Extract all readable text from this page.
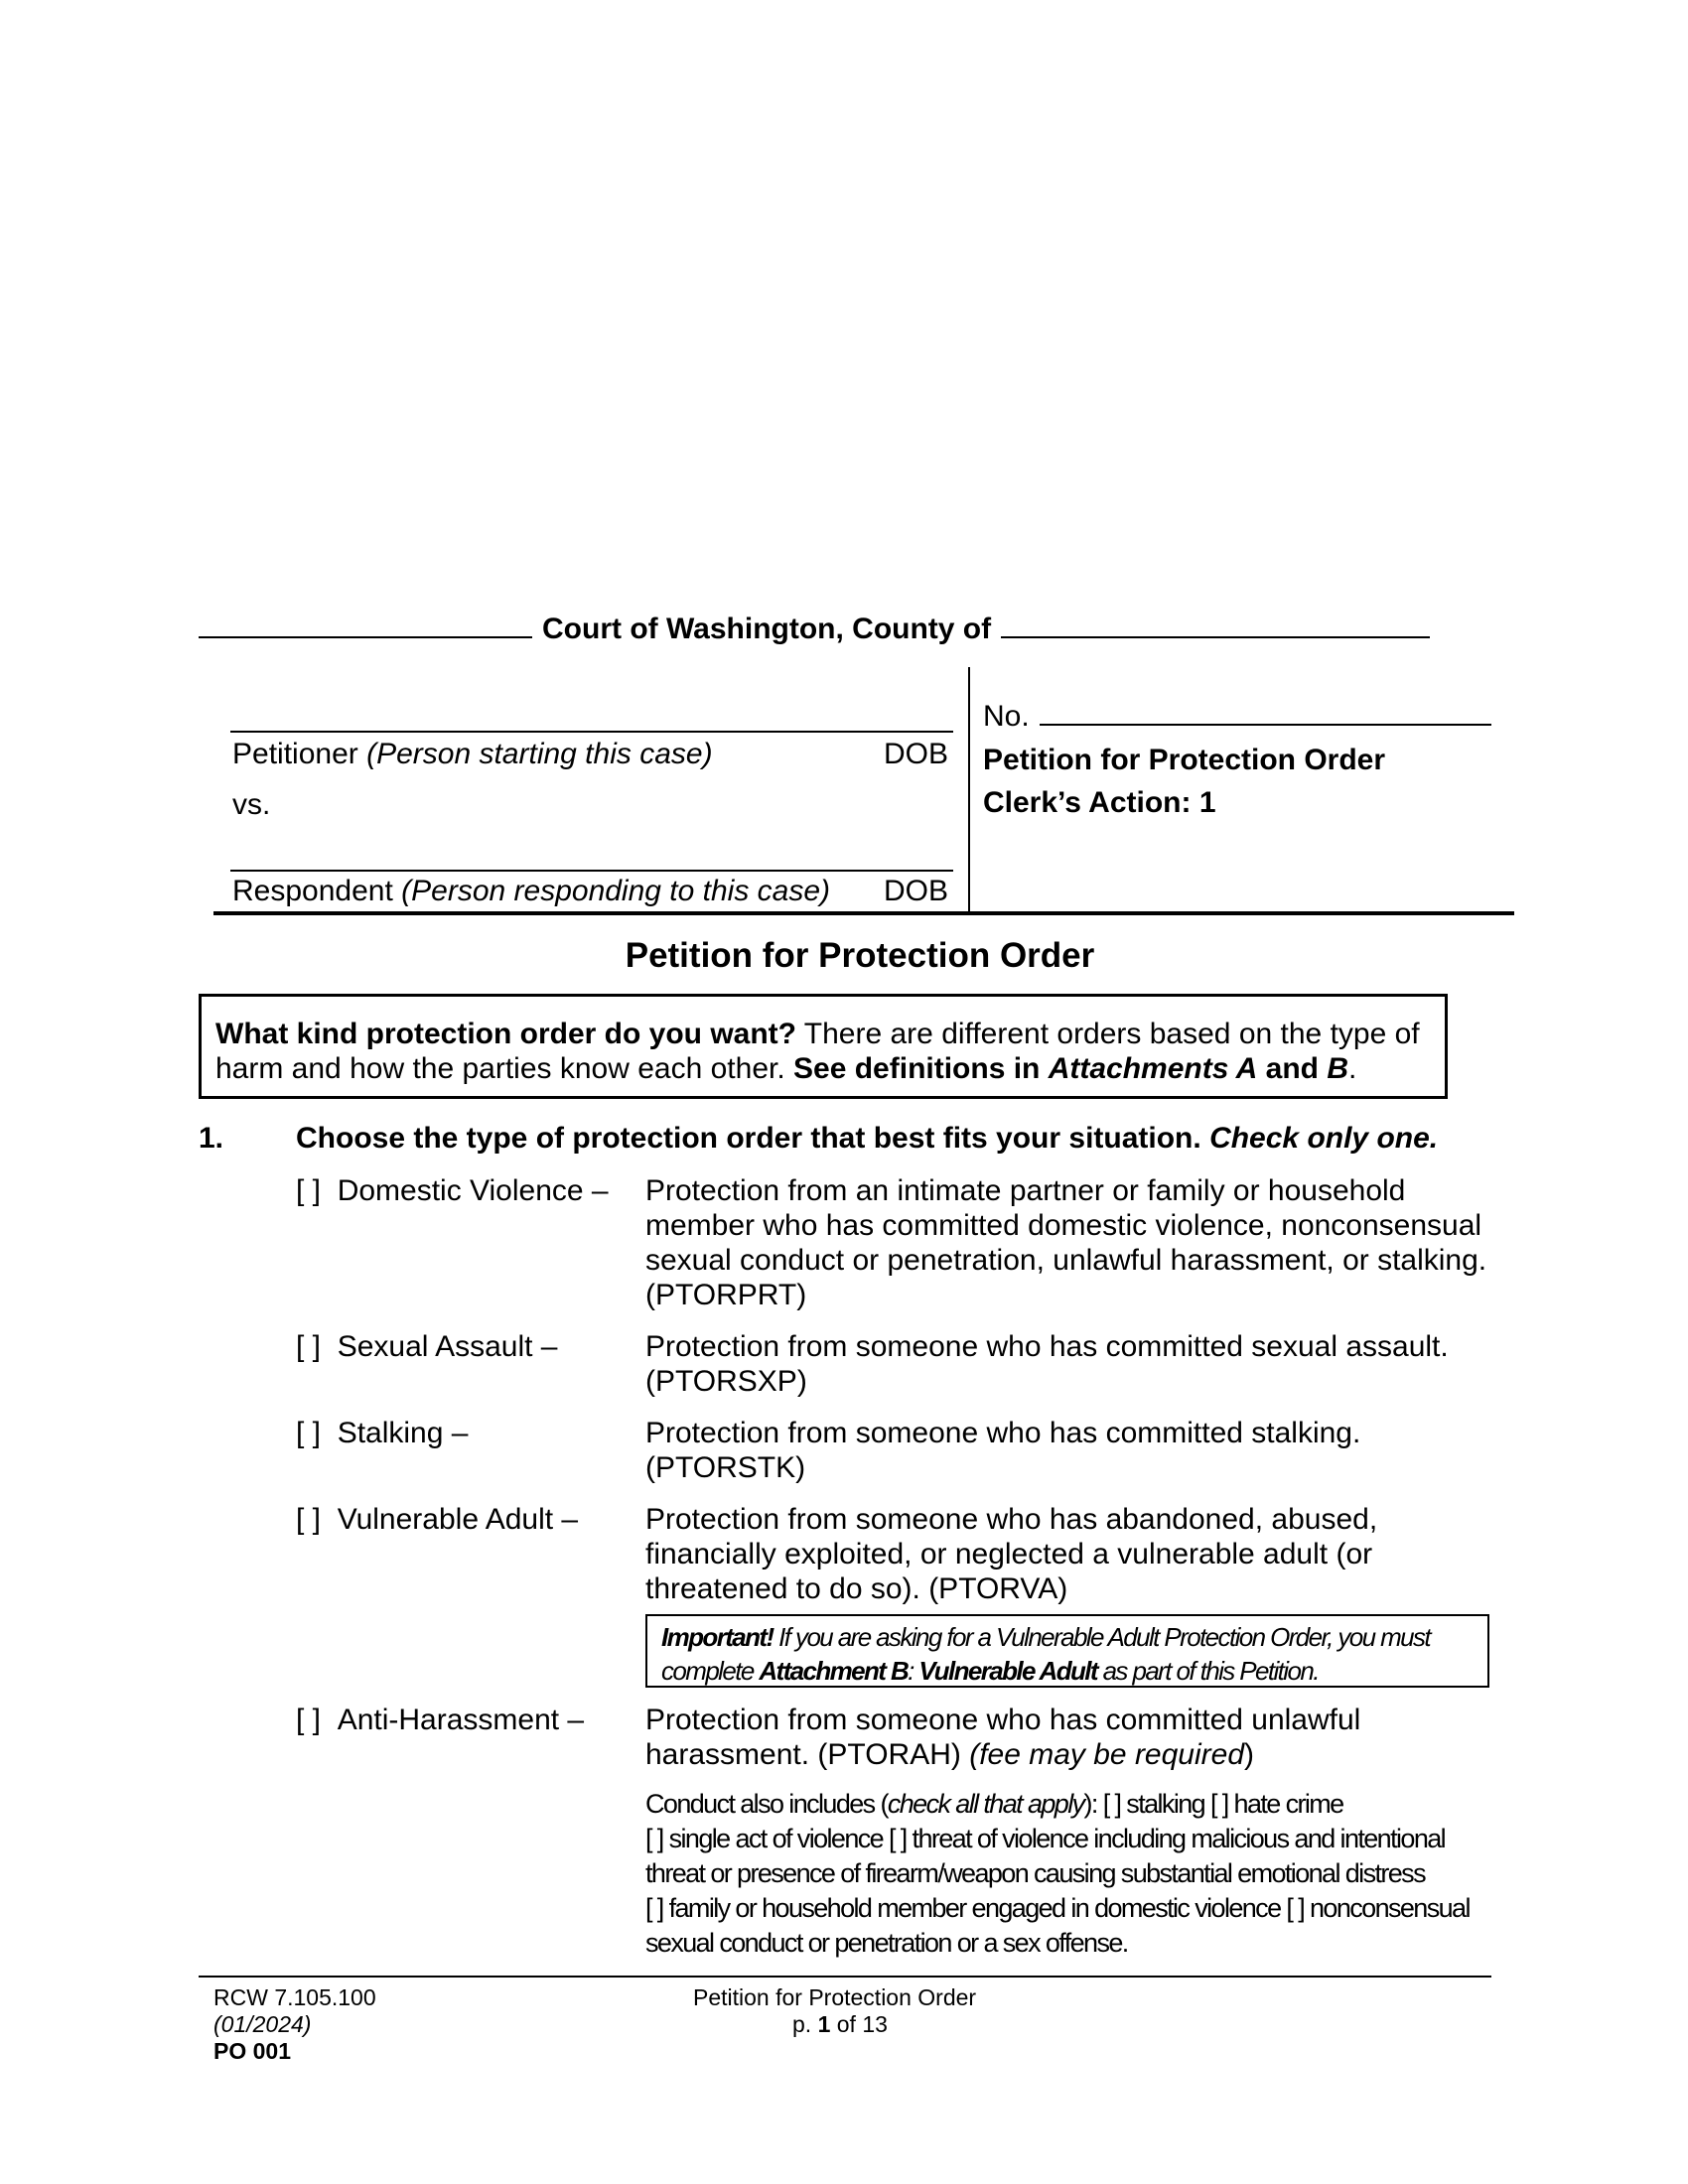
Court of Washington, County of
Petitioner (Person starting this case)	DOB
vs.
Respondent (Person responding to this case) DOB
No.
Petition for Protection Order
Clerk’s Action: 1
Petition for Protection Order
What kind protection order do you want? There are different orders based on the type of harm and how the parties know each other. See definitions in Attachments A and B.
1. Choose the type of protection order that best fits your situation. Check only one.
[ ] Domestic Violence – Protection from an intimate partner or family or household member who has committed domestic violence, nonconsensual sexual conduct or penetration, unlawful harassment, or stalking. (PTORPRT)
[ ] Sexual Assault –	Protection from someone who has committed sexual assault. (PTORSXP)
[ ] Stalking –	Protection from someone who has committed stalking. (PTORSTK)
[ ] Vulnerable Adult – Protection from someone who has abandoned, abused, financially exploited, or neglected a vulnerable adult (or threatened to do so). (PTORVA)
Important! If you are asking for a Vulnerable Adult Protection Order, you must complete Attachment B: Vulnerable Adult as part of this Petition.
[ ] Anti-Harassment – Protection from someone who has committed unlawful harassment. (PTORAH) (fee may be required)
Conduct also includes (check all that apply): [ ] stalking [ ] hate crime
[ ] single act of violence [ ] threat of violence including malicious and intentional threat or presence of firearm/weapon causing substantial emotional distress
[ ] family or household member engaged in domestic violence [ ] nonconsensual sexual conduct or penetration or a sex offense.
RCW 7.105.100
(01/2024)
PO 001
Petition for Protection Order
p. 1 of 13
